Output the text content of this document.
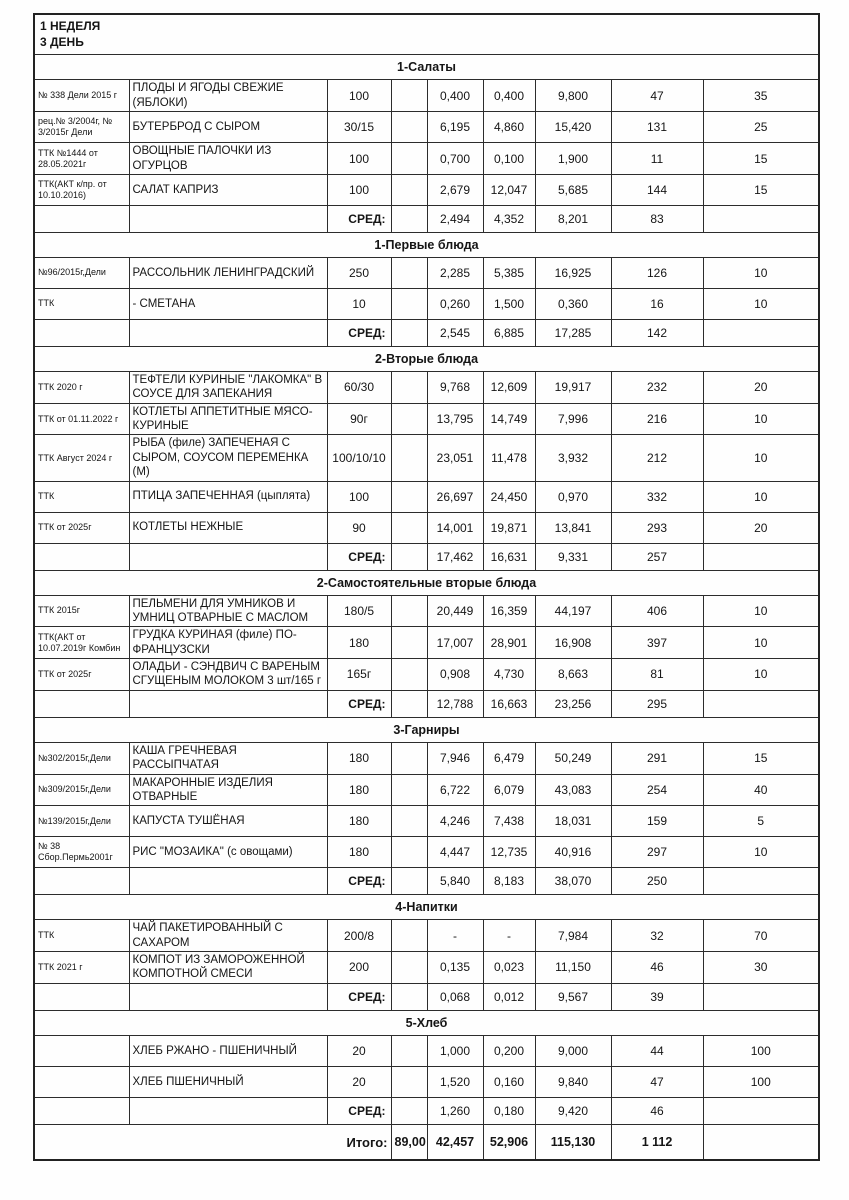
1 НЕДЕЛЯ
3 ДЕНЬ								

1-Салаты								
№ 338 Дели 2015 г	ПЛОДЫ И ЯГОДЫ СВЕЖИЕ (ЯБЛОКИ)	100		0,400	0,400	9,800	47	35
рец.№ 3/2004г, № 3/2015г Дели	БУТЕРБРОД С СЫРОМ	30/15		6,195	4,860	15,420	131	25
ТТК №1444 от 28.05.2021г	ОВОЩНЫЕ ПАЛОЧКИ ИЗ ОГУРЦОВ	100		0,700	0,100	1,900	11	15
ТТК(АКТ к/пр. от 10.10.2016)	САЛАТ КАПРИЗ	100		2,679	12,047	5,685	144	15
		СРЕД:		2,494	4,352	8,201	83	
1-Первые блюда								
№96/2015г,Дели	РАССОЛЬНИК ЛЕНИНГРАДСКИЙ	250		2,285	5,385	16,925	126	10
ТТК	- СМЕТАНА	10		0,260	1,500	0,360	16	10
		СРЕД:		2,545	6,885	17,285	142	
2-Вторые блюда								
ТТК 2020 г	ТЕФТЕЛИ КУРИНЫЕ "ЛАКОМКА" В СОУСЕ ДЛЯ ЗАПЕКАНИЯ	60/30		9,768	12,609	19,917	232	20
ТТК от 01.11.2022 г	КОТЛЕТЫ АППЕТИТНЫЕ МЯСО-КУРИНЫЕ	90г		13,795	14,749	7,996	216	10
ТТК Август 2024 г	РЫБА (филе) ЗАПЕЧЕНАЯ С СЫРОМ, СОУСОМ ПЕРЕМЕНКА (М)	100/10/10		23,051	11,478	3,932	212	10
ТТК	ПТИЦА ЗАПЕЧЕННАЯ (цыплята)	100		26,697	24,450	0,970	332	10
ТТК от 2025г	КОТЛЕТЫ НЕЖНЫЕ	90		14,001	19,871	13,841	293	20
		СРЕД:		17,462	16,631	9,331	257	
2-Самостоятельные вторые блюда								
ТТК 2015г	ПЕЛЬМЕНИ ДЛЯ УМНИКОВ И УМНИЦ ОТВАРНЫЕ С МАСЛОМ	180/5		20,449	16,359	44,197	406	10
ТТК(АКТ от 10.07.2019г Комбин	ГРУДКА КУРИНАЯ (филе) ПО-ФРАНЦУЗСКИ	180		17,007	28,901	16,908	397	10
ТТК от 2025г	ОЛАДЬИ - СЭНДВИЧ С ВАРЕНЫМ СГУЩЕНЫМ МОЛОКОМ 3 шт/165 г	165г		0,908	4,730	8,663	81	10
		СРЕД:		12,788	16,663	23,256	295	
3-Гарниры								
№302/2015г,Дели	КАША ГРЕЧНЕВАЯ РАССЫПЧАТАЯ	180		7,946	6,479	50,249	291	15
№309/2015г,Дели	МАКАРОННЫЕ ИЗДЕЛИЯ ОТВАРНЫЕ	180		6,722	6,079	43,083	254	40
№139/2015г,Дели	КАПУСТА ТУШЁНАЯ	180		4,246	7,438	18,031	159	5
№ 38 Сбор.Пермь2001г	РИС "МОЗАИКА" (с овощами)	180		4,447	12,735	40,916	297	10
		СРЕД:		5,840	8,183	38,070	250	
4-Напитки								
ТТК	ЧАЙ ПАКЕТИРОВАННЫЙ С САХАРОМ	200/8		-	-	7,984	32	70
ТТК 2021 г	КОМПОТ ИЗ ЗАМОРОЖЕННОЙ КОМПОТНОЙ СМЕСИ	200		0,135	0,023	11,150	46	30
		СРЕД:		0,068	0,012	9,567	39	
5-Хлеб								
	ХЛЕБ РЖАНО - ПШЕНИЧНЫЙ	20		1,000	0,200	9,000	44	100
	ХЛЕБ ПШЕНИЧНЫЙ	20		1,520	0,160	9,840	47	100
		СРЕД:		1,260	0,180	9,420	46	
Итого:			89,00	42,457	52,906	115,130	1 112	
